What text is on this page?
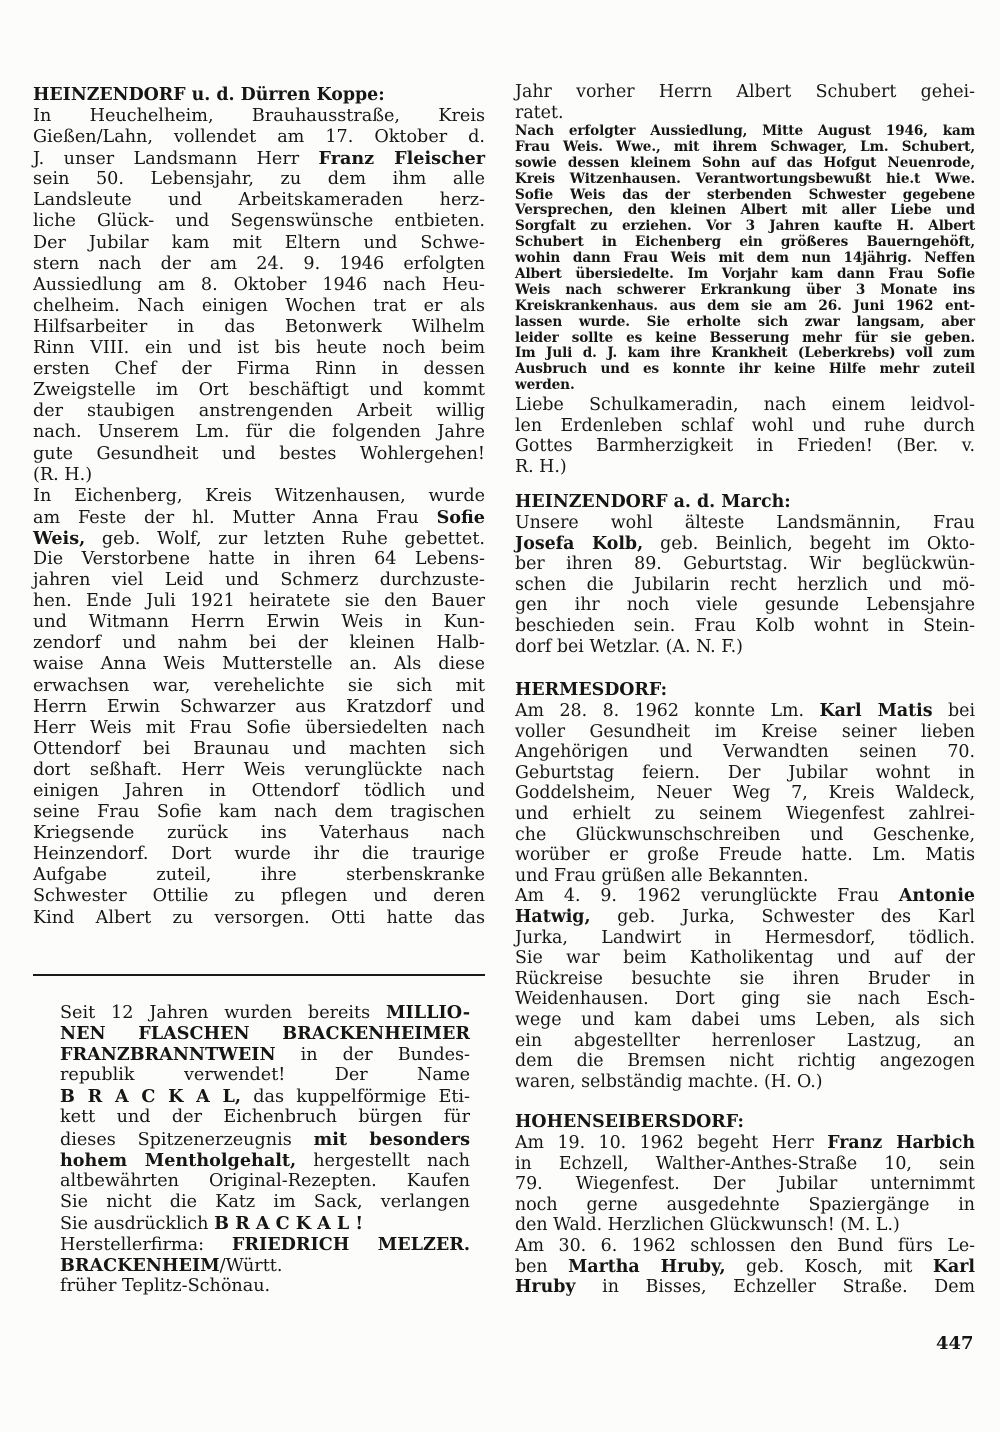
HEINZENDORF u. d. Dürren Koppe:
In Heuchelheim, Brauhausstraße, Kreis
Gießen/Lahn, vollendet am 17. Oktober d.
J. unser Landsmann Herr Franz Fleischer
sein 50. Lebensjahr, zu dem ihm alle
Landsleute und Arbeitskameraden herz-
liche Glück- und Segenswünsche entbieten.
Der Jubilar kam mit Eltern und Schwe-
stern nach der am 24. 9. 1946 erfolgten
Aussiedlung am 8. Oktober 1946 nach Heu-
chelheim. Nach einigen Wochen trat er als
Hilfsarbeiter in das Betonwerk Wilhelm
Rinn VIII. ein und ist bis heute noch beim
ersten Chef der Firma Rinn in dessen
Zweigstelle im Ort beschäftigt und kommt
der staubigen anstrengenden Arbeit willig
nach. Unserem Lm. für die folgenden Jahre
gute Gesundheit und bestes Wohlergehen!
(R. H.)
In Eichenberg, Kreis Witzenhausen, wurde
am Feste der hl. Mutter Anna Frau Sofie
Weis, geb. Wolf, zur letzten Ruhe gebettet.
Die Verstorbene hatte in ihren 64 Lebens-
jahren viel Leid und Schmerz durchzuste-
hen. Ende Juli 1921 heiratete sie den Bauer
und Witmann Herrn Erwin Weis in Kun-
zendorf und nahm bei der kleinen Halb-
waise Anna Weis Mutterstelle an. Als diese
erwachsen war, verehelichte sie sich mit
Herrn Erwin Schwarzer aus Kratzdorf und
Herr Weis mit Frau Sofie übersiedelten nach
Ottendorf bei Braunau und machten sich
dort seßhaft. Herr Weis verunglückte nach
einigen Jahren in Ottendorf tödlich und
seine Frau Sofie kam nach dem tragischen
Kriegsende zurück ins Vaterhaus nach
Heinzendorf. Dort wurde ihr die traurige
Aufgabe zuteil, ihre sterbenskranke
Schwester Ottilie zu pflegen und deren
Kind Albert zu versorgen. Otti hatte das
Seit 12 Jahren wurden bereits MILLIO-
NEN FLASCHEN BRACKENHEIMER
FRANZBRANNTWEIN in der Bundes-
republik verwendet! Der Name
B R A C K A L, das kuppelförmige Eti-
kett und der Eichenbruch bürgen für
dieses Spitzenerzeugnis mit besonders
hohem Mentholgehalt, hergestellt nach
altbewährten Original-Rezepten. Kaufen
Sie nicht die Katz im Sack, verlangen
Sie ausdrücklich B R A C K A L !
Herstellerfirma: FRIEDRICH MELZER.
BRACKENHEIM/Württ.
früher Teplitz-Schönau.
Jahr vorher Herrn Albert Schubert gehei-
ratet.
Nach erfolgter Aussiedlung, Mitte August 1946, kam
Frau Weis. Wwe., mit ihrem Schwager, Lm. Schubert,
sowie dessen kleinem Sohn auf das Hofgut Neuenrode,
Kreis Witzenhausen. Verantwortungsbewußt hie.t Wwe.
Sofie Weis das der sterbenden Schwester gegebene
Versprechen, den kleinen Albert mit aller Liebe und
Sorgfalt zu erziehen. Vor 3 Jahren kaufte H. Albert
Schubert in Eichenberg ein größeres Bauerngehöft,
wohin dann Frau Weis mit dem nun 14jährig. Neffen
Albert übersiedelte. Im Vorjahr kam dann Frau Sofie
Weis nach schwerer Erkrankung über 3 Monate ins
Kreiskrankenhaus. aus dem sie am 26. Juni 1962 ent-
lassen wurde. Sie erholte sich zwar langsam, aber
leider sollte es keine Besserung mehr für sie geben.
Im Juli d. J. kam ihre Krankheit (Leberkrebs) voll zum
Ausbruch und es konnte ihr keine Hilfe mehr zuteil
werden.
Liebe Schulkameradin, nach einem leidvol-
len Erdenleben schlaf wohl und ruhe durch
Gottes Barmherzigkeit in Frieden! (Ber. v.
R. H.)
HEINZENDORF a. d. March:
Unsere wohl älteste Landsmännin, Frau
Josefa Kolb, geb. Beinlich, begeht im Okto-
ber ihren 89. Geburtstag. Wir beglückwün-
schen die Jubilarin recht herzlich und mö-
gen ihr noch viele gesunde Lebensjahre
beschieden sein. Frau Kolb wohnt in Stein-
dorf bei Wetzlar. (A. N. F.)
HERMESDORF:
Am 28. 8. 1962 konnte Lm. Karl Matis bei
voller Gesundheit im Kreise seiner lieben
Angehörigen und Verwandten seinen 70.
Geburtstag feiern. Der Jubilar wohnt in
Goddelsheim, Neuer Weg 7, Kreis Waldeck,
und erhielt zu seinem Wiegenfest zahlrei-
che Glückwunschschreiben und Geschenke,
worüber er große Freude hatte. Lm. Matis
und Frau grüßen alle Bekannten.
Am 4. 9. 1962 verunglückte Frau Antonie
Hatwig, geb. Jurka, Schwester des Karl
Jurka, Landwirt in Hermesdorf, tödlich.
Sie war beim Katholikentag und auf der
Rückreise besuchte sie ihren Bruder in
Weidenhausen. Dort ging sie nach Esch-
wege und kam dabei ums Leben, als sich
ein abgestellter herrenloser Lastzug, an
dem die Bremsen nicht richtig angezogen
waren, selbständig machte. (H. O.)
HOHENSEIBERSDORF:
Am 19. 10. 1962 begeht Herr Franz Harbich
in Echzell, Walther-Anthes-Straße 10, sein
79. Wiegenfest. Der Jubilar unternimmt
noch gerne ausgedehnte Spaziergänge in
den Wald. Herzlichen Glückwunsch! (M. L.)
Am 30. 6. 1962 schlossen den Bund fürs Le-
ben Martha Hruby, geb. Kosch, mit Karl
Hruby in Bisses, Echzeller Straße. Dem
447
